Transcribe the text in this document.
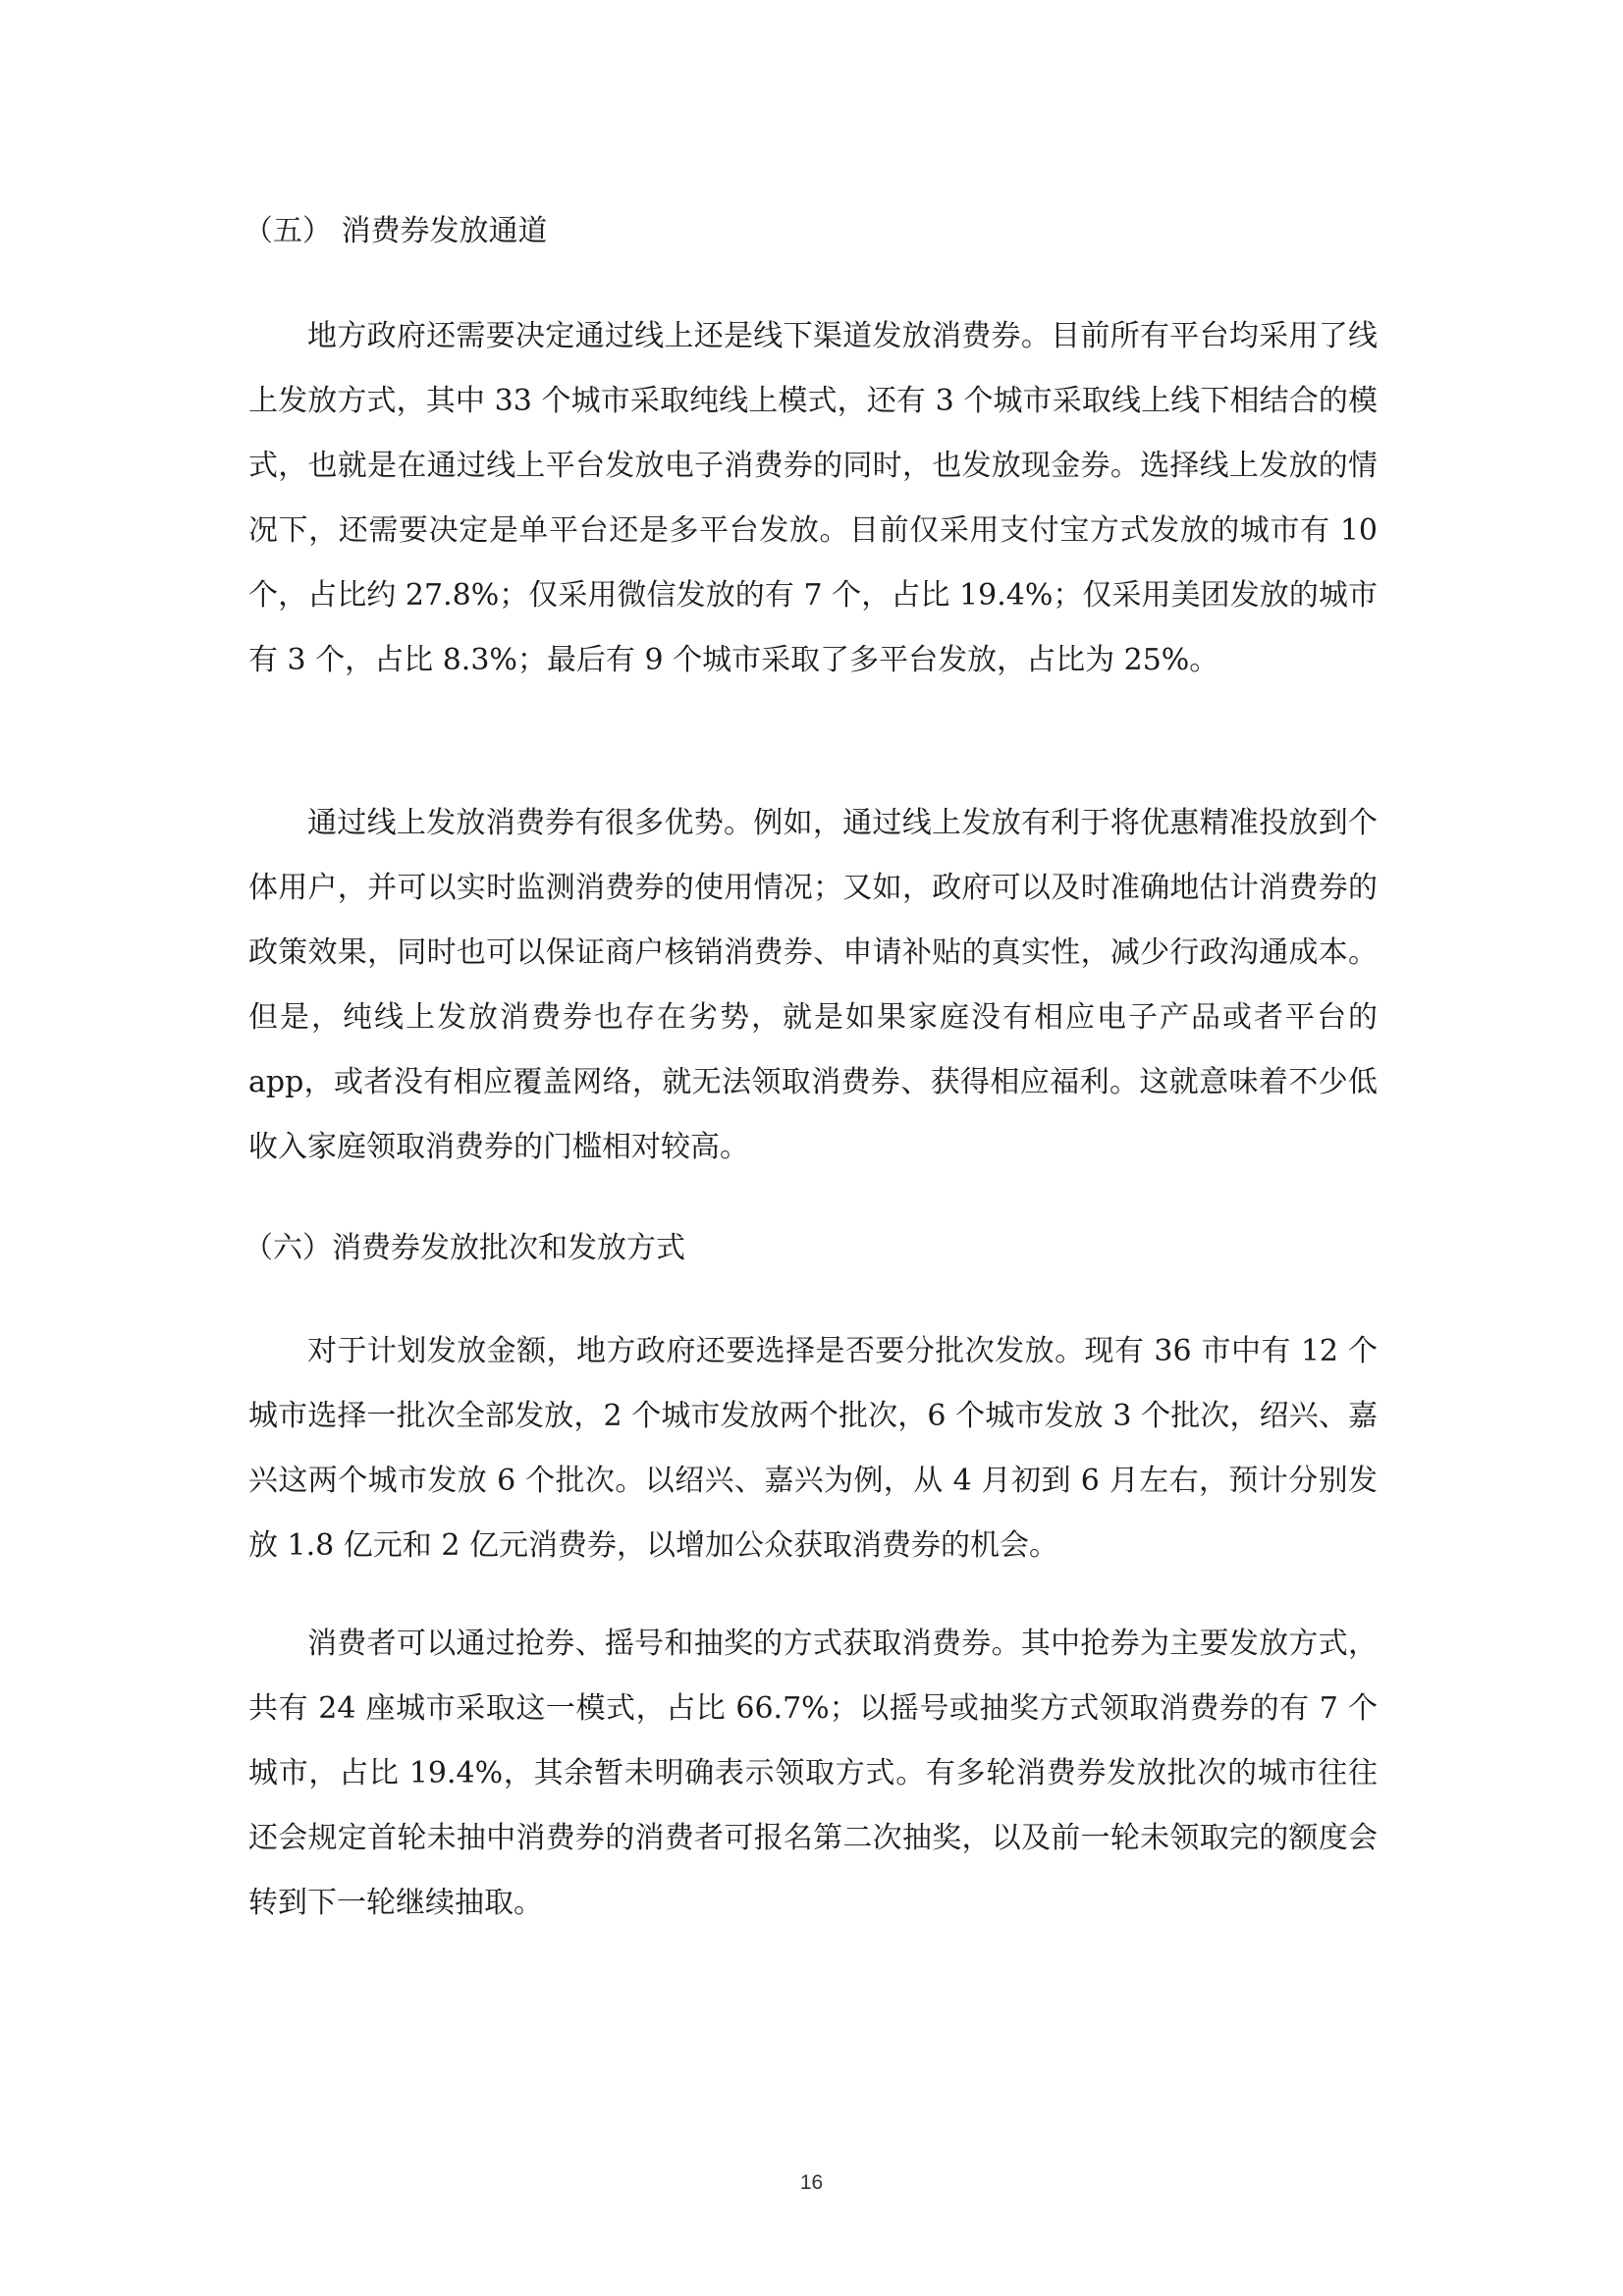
（五） 消费券发放通道

地方政府还需要决定通过线上还是线下渠道发放消费券。目前所有平台均采用了线上发放方式，其中 33 个城市采取纯线上模式，还有 3 个城市采取线上线下相结合的模式，也就是在通过线上平台发放电子消费券的同时，也发放现金券。选择线上发放的情况下，还需要决定是单平台还是多平台发放。目前仅采用支付宝方式发放的城市有 10 个，占比约 27.8%；仅采用微信发放的有 7 个，占比 19.4%；仅采用美团发放的城市有 3 个，占比 8.3%；最后有 9 个城市采取了多平台发放，占比为 25%。

通过线上发放消费券有很多优势。例如，通过线上发放有利于将优惠精准投放到个体用户，并可以实时监测消费券的使用情况；又如，政府可以及时准确地估计消费券的政策效果，同时也可以保证商户核销消费券、申请补贴的真实性，减少行政沟通成本。但是，纯线上发放消费券也存在劣势，就是如果家庭没有相应电子产品或者平台的 app，或者没有相应覆盖网络，就无法领取消费券、获得相应福利。这就意味着不少低收入家庭领取消费券的门槛相对较高。

（六）消费券发放批次和发放方式

对于计划发放金额，地方政府还要选择是否要分批次发放。现有 36 市中有 12 个城市选择一批次全部发放，2 个城市发放两个批次，6 个城市发放 3 个批次，绍兴、嘉兴这两个城市发放 6 个批次。以绍兴、嘉兴为例，从 4 月初到 6 月左右，预计分别发放 1.8 亿元和 2 亿元消费券，以增加公众获取消费券的机会。

消费者可以通过抢券、摇号和抽奖的方式获取消费券。其中抢券为主要发放方式，共有 24 座城市采取这一模式，占比 66.7%；以摇号或抽奖方式领取消费券的有 7 个城市，占比 19.4%，其余暂未明确表示领取方式。有多轮消费券发放批次的城市往往还会规定首轮未抽中消费券的消费者可报名第二次抽奖，以及前一轮未领取完的额度会转到下一轮继续抽取。

16
